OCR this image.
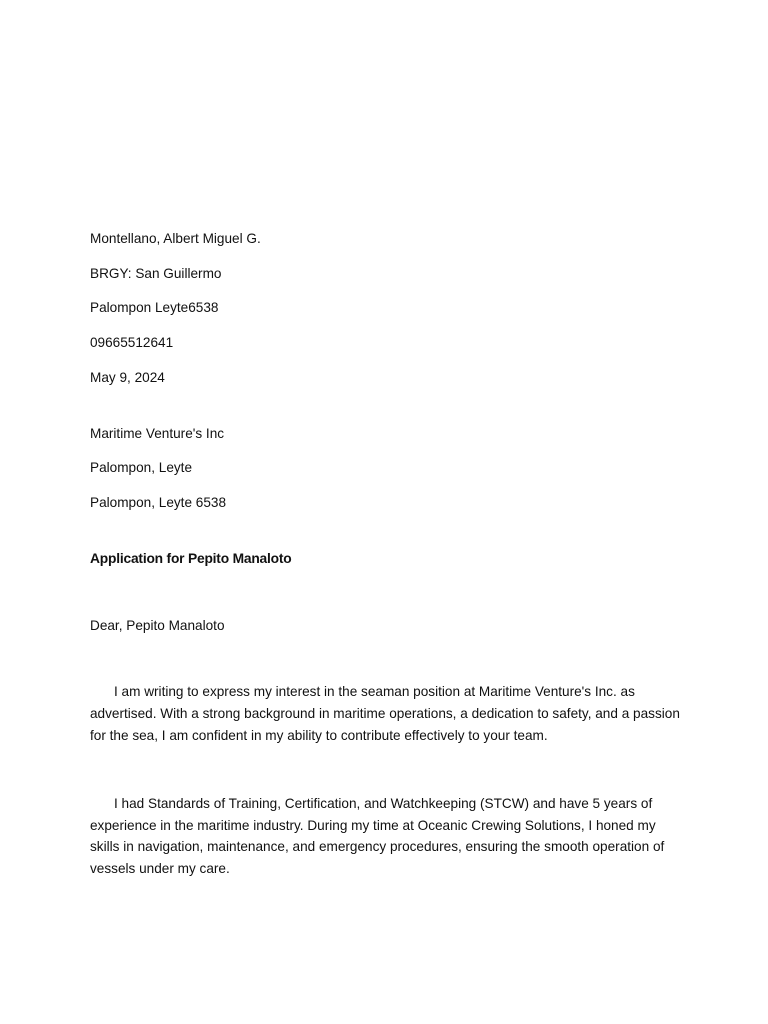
Montellano, Albert Miguel G.

BRGY: San Guillermo

Palompon Leyte6538

09665512641

May 9, 2024

Maritime Venture's Inc

Palompon, Leyte

Palompon, Leyte 6538

Application for Pepito Manaloto

Dear, Pepito Manaloto

I am writing to express my interest in the seaman position at Maritime Venture's Inc. as advertised. With a strong background in maritime operations, a dedication to safety, and a passion for the sea, I am confident in my ability to contribute effectively to your team.

I had Standards of Training, Certification, and Watchkeeping (STCW) and have 5 years of experience in the maritime industry. During my time at Oceanic Crewing Solutions, I honed my skills in navigation, maintenance, and emergency procedures, ensuring the smooth operation of vessels under my care.
